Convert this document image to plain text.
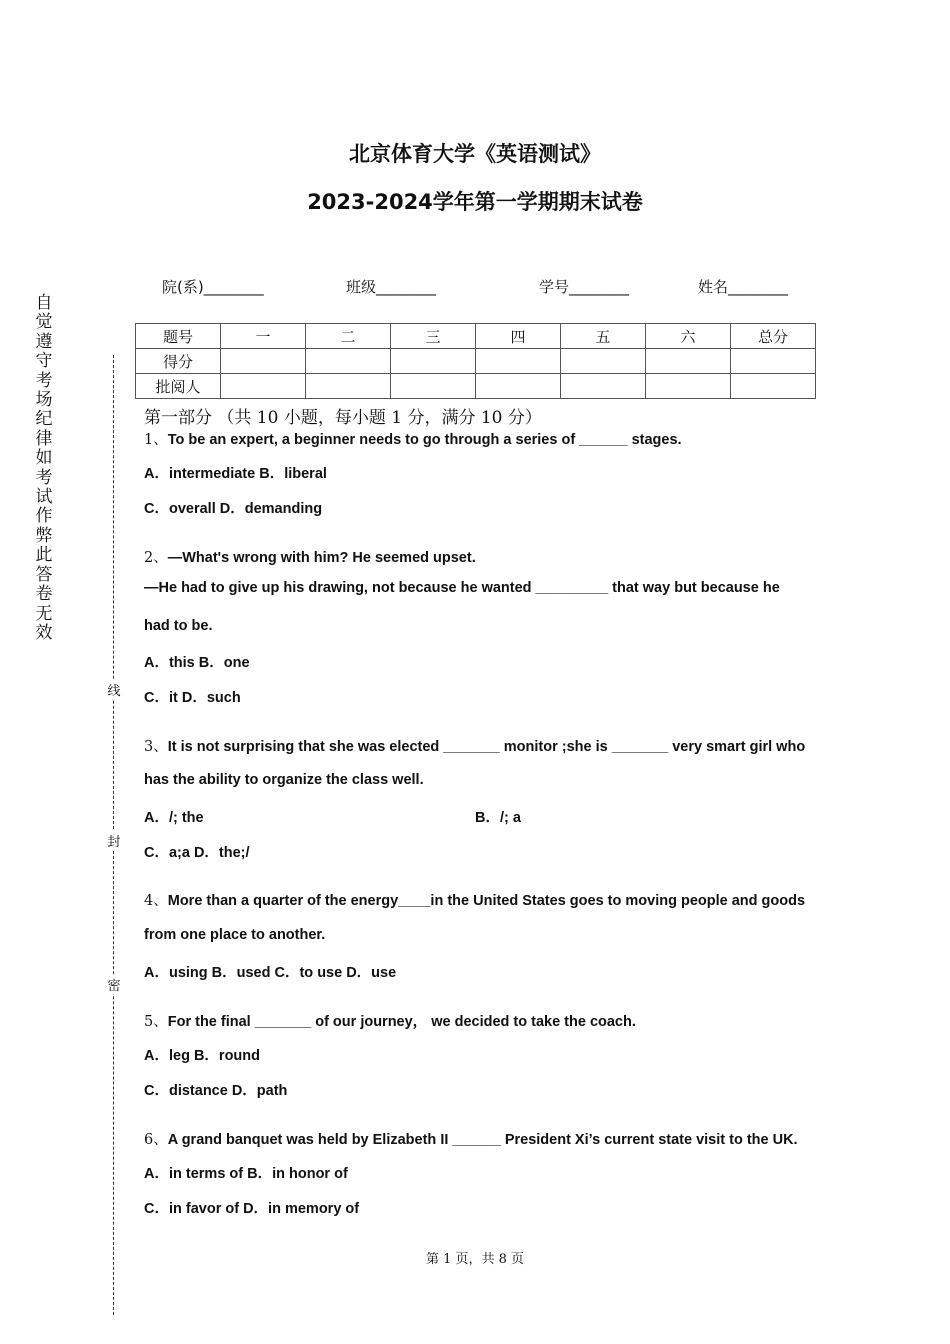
北京体育大学《英语测试》
2023-2024学年第一学期期末试卷
院(系)________	班级________	学号________	姓名________
自觉遵守考场纪律如考试作弊此答卷无效
线
封
密
题号	一	二	三	四	五	六	总分
得分							
批阅人							
第一部分 （共 10 小题，每小题 1 分，满分 10 分）
1、To be an expert, a beginner needs to go through a series of ______ stages.
A．intermediate B．liberal
C．overall D．demanding
2、—What's wrong with him? He seemed upset.
—He had to give up his drawing, not because he wanted _________ that way but because he
had to be.
A．this B．one
C．it D．such
3、It is not surprising that she was elected _______ monitor ;she is _______ very smart girl who
has the ability to organize the class well.
A．/; the	B．/; a
C．a;a D．the;/
4、More than a quarter of the energy____in the United States goes to moving people and goods
from one place to another.
A．using B．used C．to use D．use
5、For the final _______ of our journey， we decided to take the coach.
A．leg B．round
C．distance D．path
6、A grand banquet was held by Elizabeth II ______ President Xi’s current state visit to the UK.
A．in terms of B．in honor of
C．in favor of D．in memory of
第 1 页，共 8 页
